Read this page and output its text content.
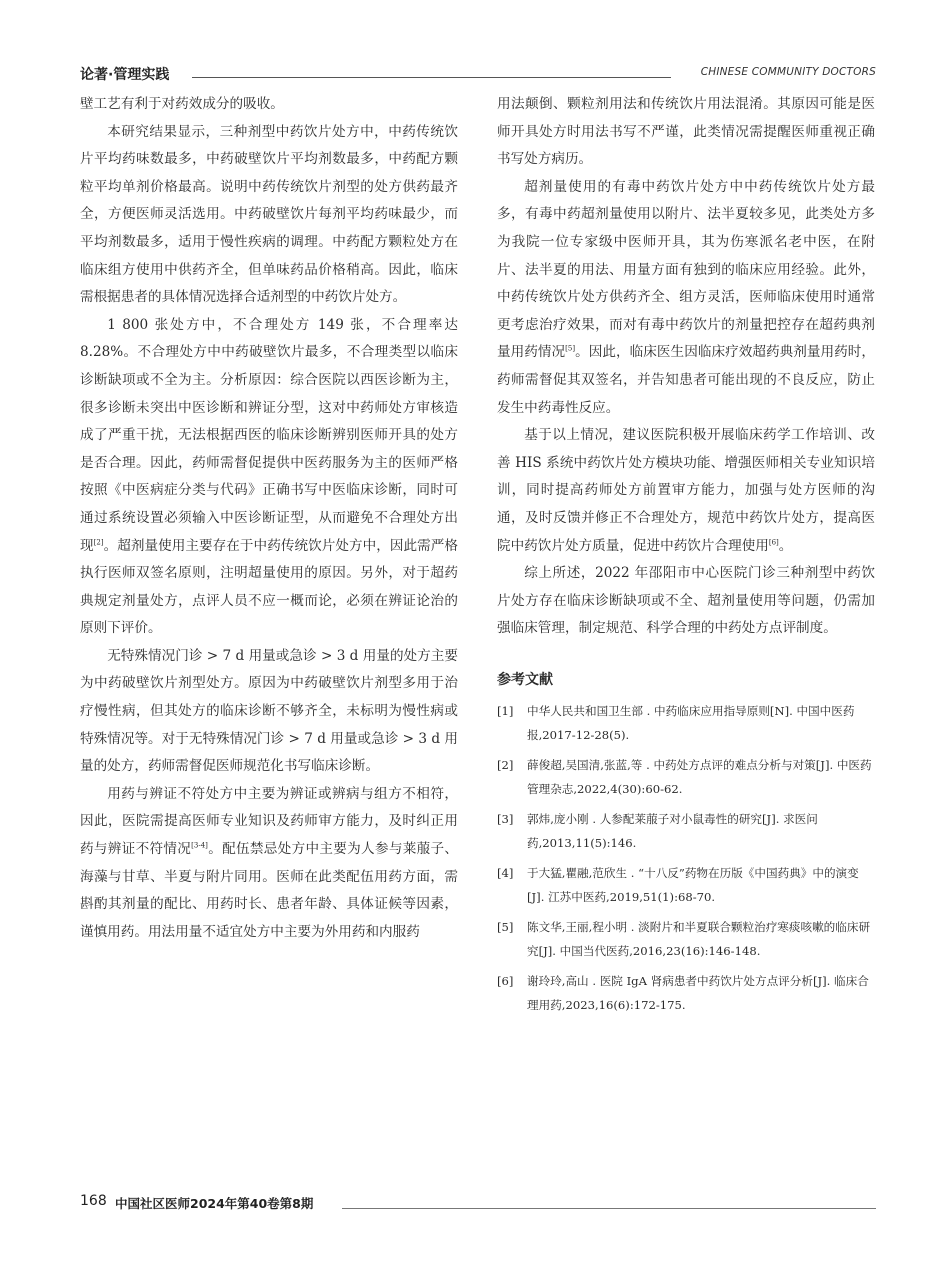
论著·管理实践	CHINESE COMMUNITY DOCTORS

壁工艺有利于对药效成分的吸收。

本研究结果显示，三种剂型中药饮片处方中，中药传统饮片平均药味数最多，中药破壁饮片平均剂数最多，中药配方颗粒平均单剂价格最高。说明中药传统饮片剂型的处方供药最齐全，方便医师灵活选用。中药破壁饮片每剂平均药味最少，而平均剂数最多，适用于慢性疾病的调理。中药配方颗粒处方在临床组方使用中供药齐全，但单味药品价格稍高。因此，临床需根据患者的具体情况选择合适剂型的中药饮片处方。

1 800 张处方中，不合理处方 149 张，不合理率达 8.28%。不合理处方中中药破壁饮片最多，不合理类型以临床诊断缺项或不全为主。分析原因：综合医院以西医诊断为主，很多诊断未突出中医诊断和辨证分型，这对中药师处方审核造成了严重干扰，无法根据西医的临床诊断辨别医师开具的处方是否合理。因此，药师需督促提供中医药服务为主的医师严格按照《中医病症分类与代码》正确书写中医临床诊断，同时可通过系统设置必须输入中医诊断证型，从而避免不合理处方出现[2]。超剂量使用主要存在于中药传统饮片处方中，因此需严格执行医师双签名原则，注明超量使用的原因。另外，对于超药典规定剂量处方，点评人员不应一概而论，必须在辨证论治的原则下评价。

无特殊情况门诊 > 7 d 用量或急诊 > 3 d 用量的处方主要为中药破壁饮片剂型处方。原因为中药破壁饮片剂型多用于治疗慢性病，但其处方的临床诊断不够齐全，未标明为慢性病或特殊情况等。对于无特殊情况门诊 > 7 d 用量或急诊 > 3 d 用量的处方，药师需督促医师规范化书写临床诊断。

用药与辨证不符处方中主要为辨证或辨病与组方不相符，因此，医院需提高医师专业知识及药师审方能力，及时纠正用药与辨证不符情况[3-4]。配伍禁忌处方中主要为人参与莱菔子、海藻与甘草、半夏与附片同用。医师在此类配伍用药方面，需斟酌其剂量的配比、用药时长、患者年龄、具体证候等因素，谨慎用药。用法用量不适宜处方中主要为外用药和内服药

用法颠倒、颗粒剂用法和传统饮片用法混淆。其原因可能是医师开具处方时用法书写不严谨，此类情况需提醒医师重视正确书写处方病历。

超剂量使用的有毒中药饮片处方中中药传统饮片处方最多，有毒中药超剂量使用以附片、法半夏较多见，此类处方多为我院一位专家级中医师开具，其为伤寒派名老中医，在附片、法半夏的用法、用量方面有独到的临床应用经验。此外，中药传统饮片处方供药齐全、组方灵活，医师临床使用时通常更考虑治疗效果，而对有毒中药饮片的剂量把控存在超药典剂量用药情况[5]。因此，临床医生因临床疗效超药典剂量用药时，药师需督促其双签名，并告知患者可能出现的不良反应，防止发生中药毒性反应。

基于以上情况，建议医院积极开展临床药学工作培训、改善 HIS 系统中药饮片处方模块功能、增强医师相关专业知识培训，同时提高药师处方前置审方能力，加强与处方医师的沟通，及时反馈并修正不合理处方，规范中药饮片处方，提高医院中药饮片处方质量，促进中药饮片合理使用[6]。

综上所述，2022 年邵阳市中心医院门诊三种剂型中药饮片处方存在临床诊断缺项或不全、超剂量使用等问题，仍需加强临床管理，制定规范、科学合理的中药处方点评制度。

参考文献
[1]	中华人民共和国卫生部 . 中药临床应用指导原则[N]. 中国中医药报,2017-12-28(5).
[2]	薛俊超,吴国清,张蓝,等 . 中药处方点评的难点分析与对策[J]. 中医药管理杂志,2022,4(30):60-62.
[3]	郭炜,庞小刚 . 人参配莱菔子对小鼠毒性的研究[J]. 求医问药,2013,11(5):146.
[4]	于大猛,瞿融,范欣生 . “十八反”药物在历版《中国药典》中的演变[J]. 江苏中医药,2019,51(1):68-70.
[5]	陈文华,王丽,程小明 . 淡附片和半夏联合颗粒治疗寒痰咳嗽的临床研究[J]. 中国当代医药,2016,23(16):146-148.
[6]	谢玲玲,高山 . 医院 IgA 肾病患者中药饮片处方点评分析[J]. 临床合理用药,2023,16(6):172-175.
168 中国社区医师2024年第40卷第8期
